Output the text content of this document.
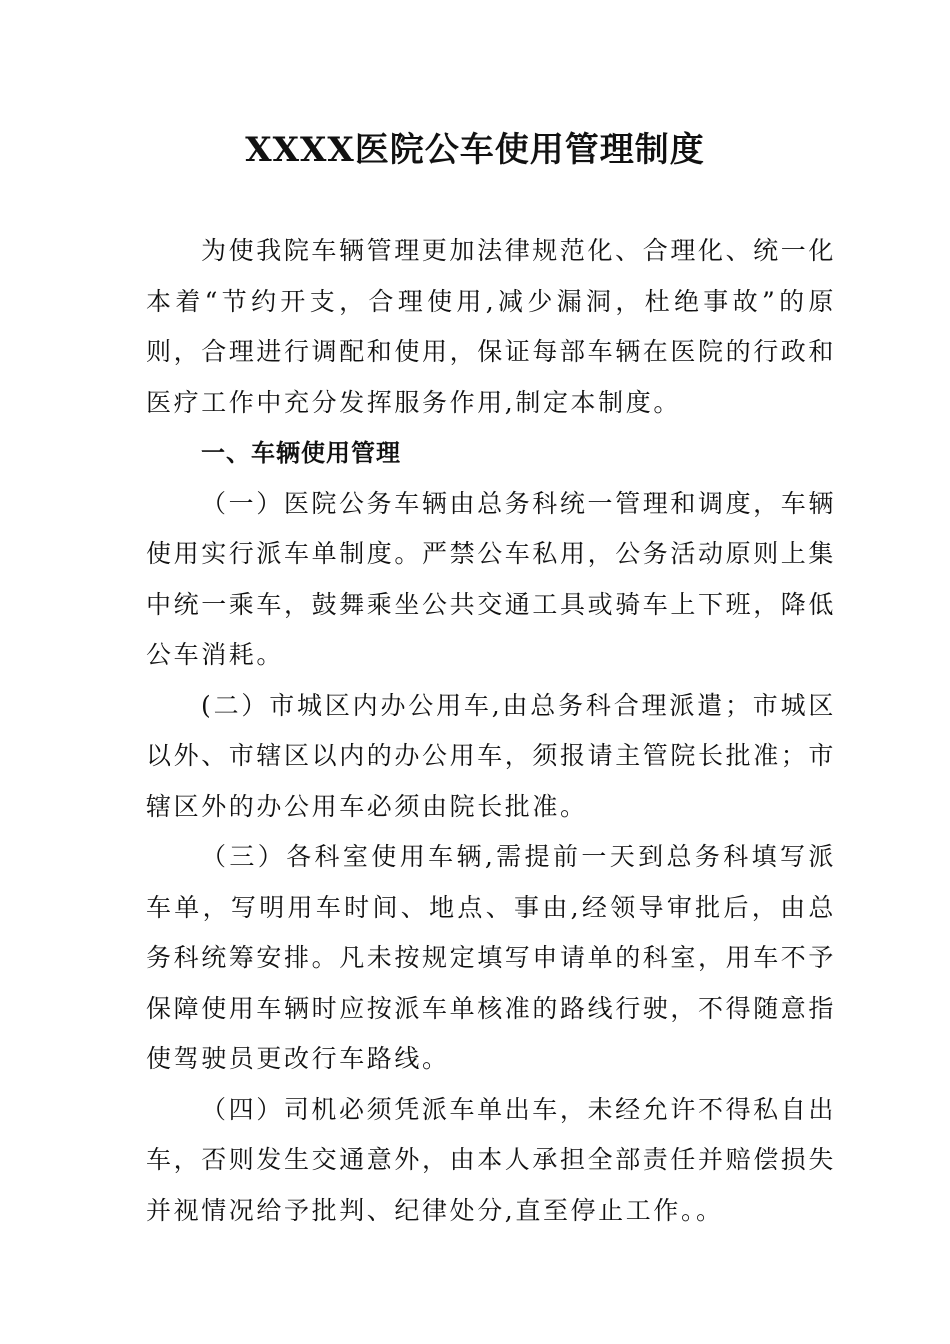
XXXX医院公车使用管理制度

为使我院车辆管理更加法律规范化、合理化、统一化本着“节约开支，合理使用,减少漏洞，杜绝事故”的原则，合理进行调配和使用，保证每部车辆在医院的行政和医疗工作中充分发挥服务作用,制定本制度。

一、车辆使用管理

（一）医院公务车辆由总务科统一管理和调度，车辆使用实行派车单制度。严禁公车私用，公务活动原则上集中统一乘车，鼓舞乘坐公共交通工具或骑车上下班，降低公车消耗。

(二）市城区内办公用车,由总务科合理派遣；市城区以外、市辖区以内的办公用车，须报请主管院长批准；市辖区外的办公用车必须由院长批准。

（三）各科室使用车辆,需提前一天到总务科填写派车单，写明用车时间、地点、事由,经领导审批后，由总务科统筹安排。凡未按规定填写申请单的科室，用车不予保障使用车辆时应按派车单核准的路线行驶，不得随意指使驾驶员更改行车路线。

（四）司机必须凭派车单出车，未经允许不得私自出车，否则发生交通意外，由本人承担全部责任并赔偿损失并视情况给予批判、纪律处分,直至停止工作。。
